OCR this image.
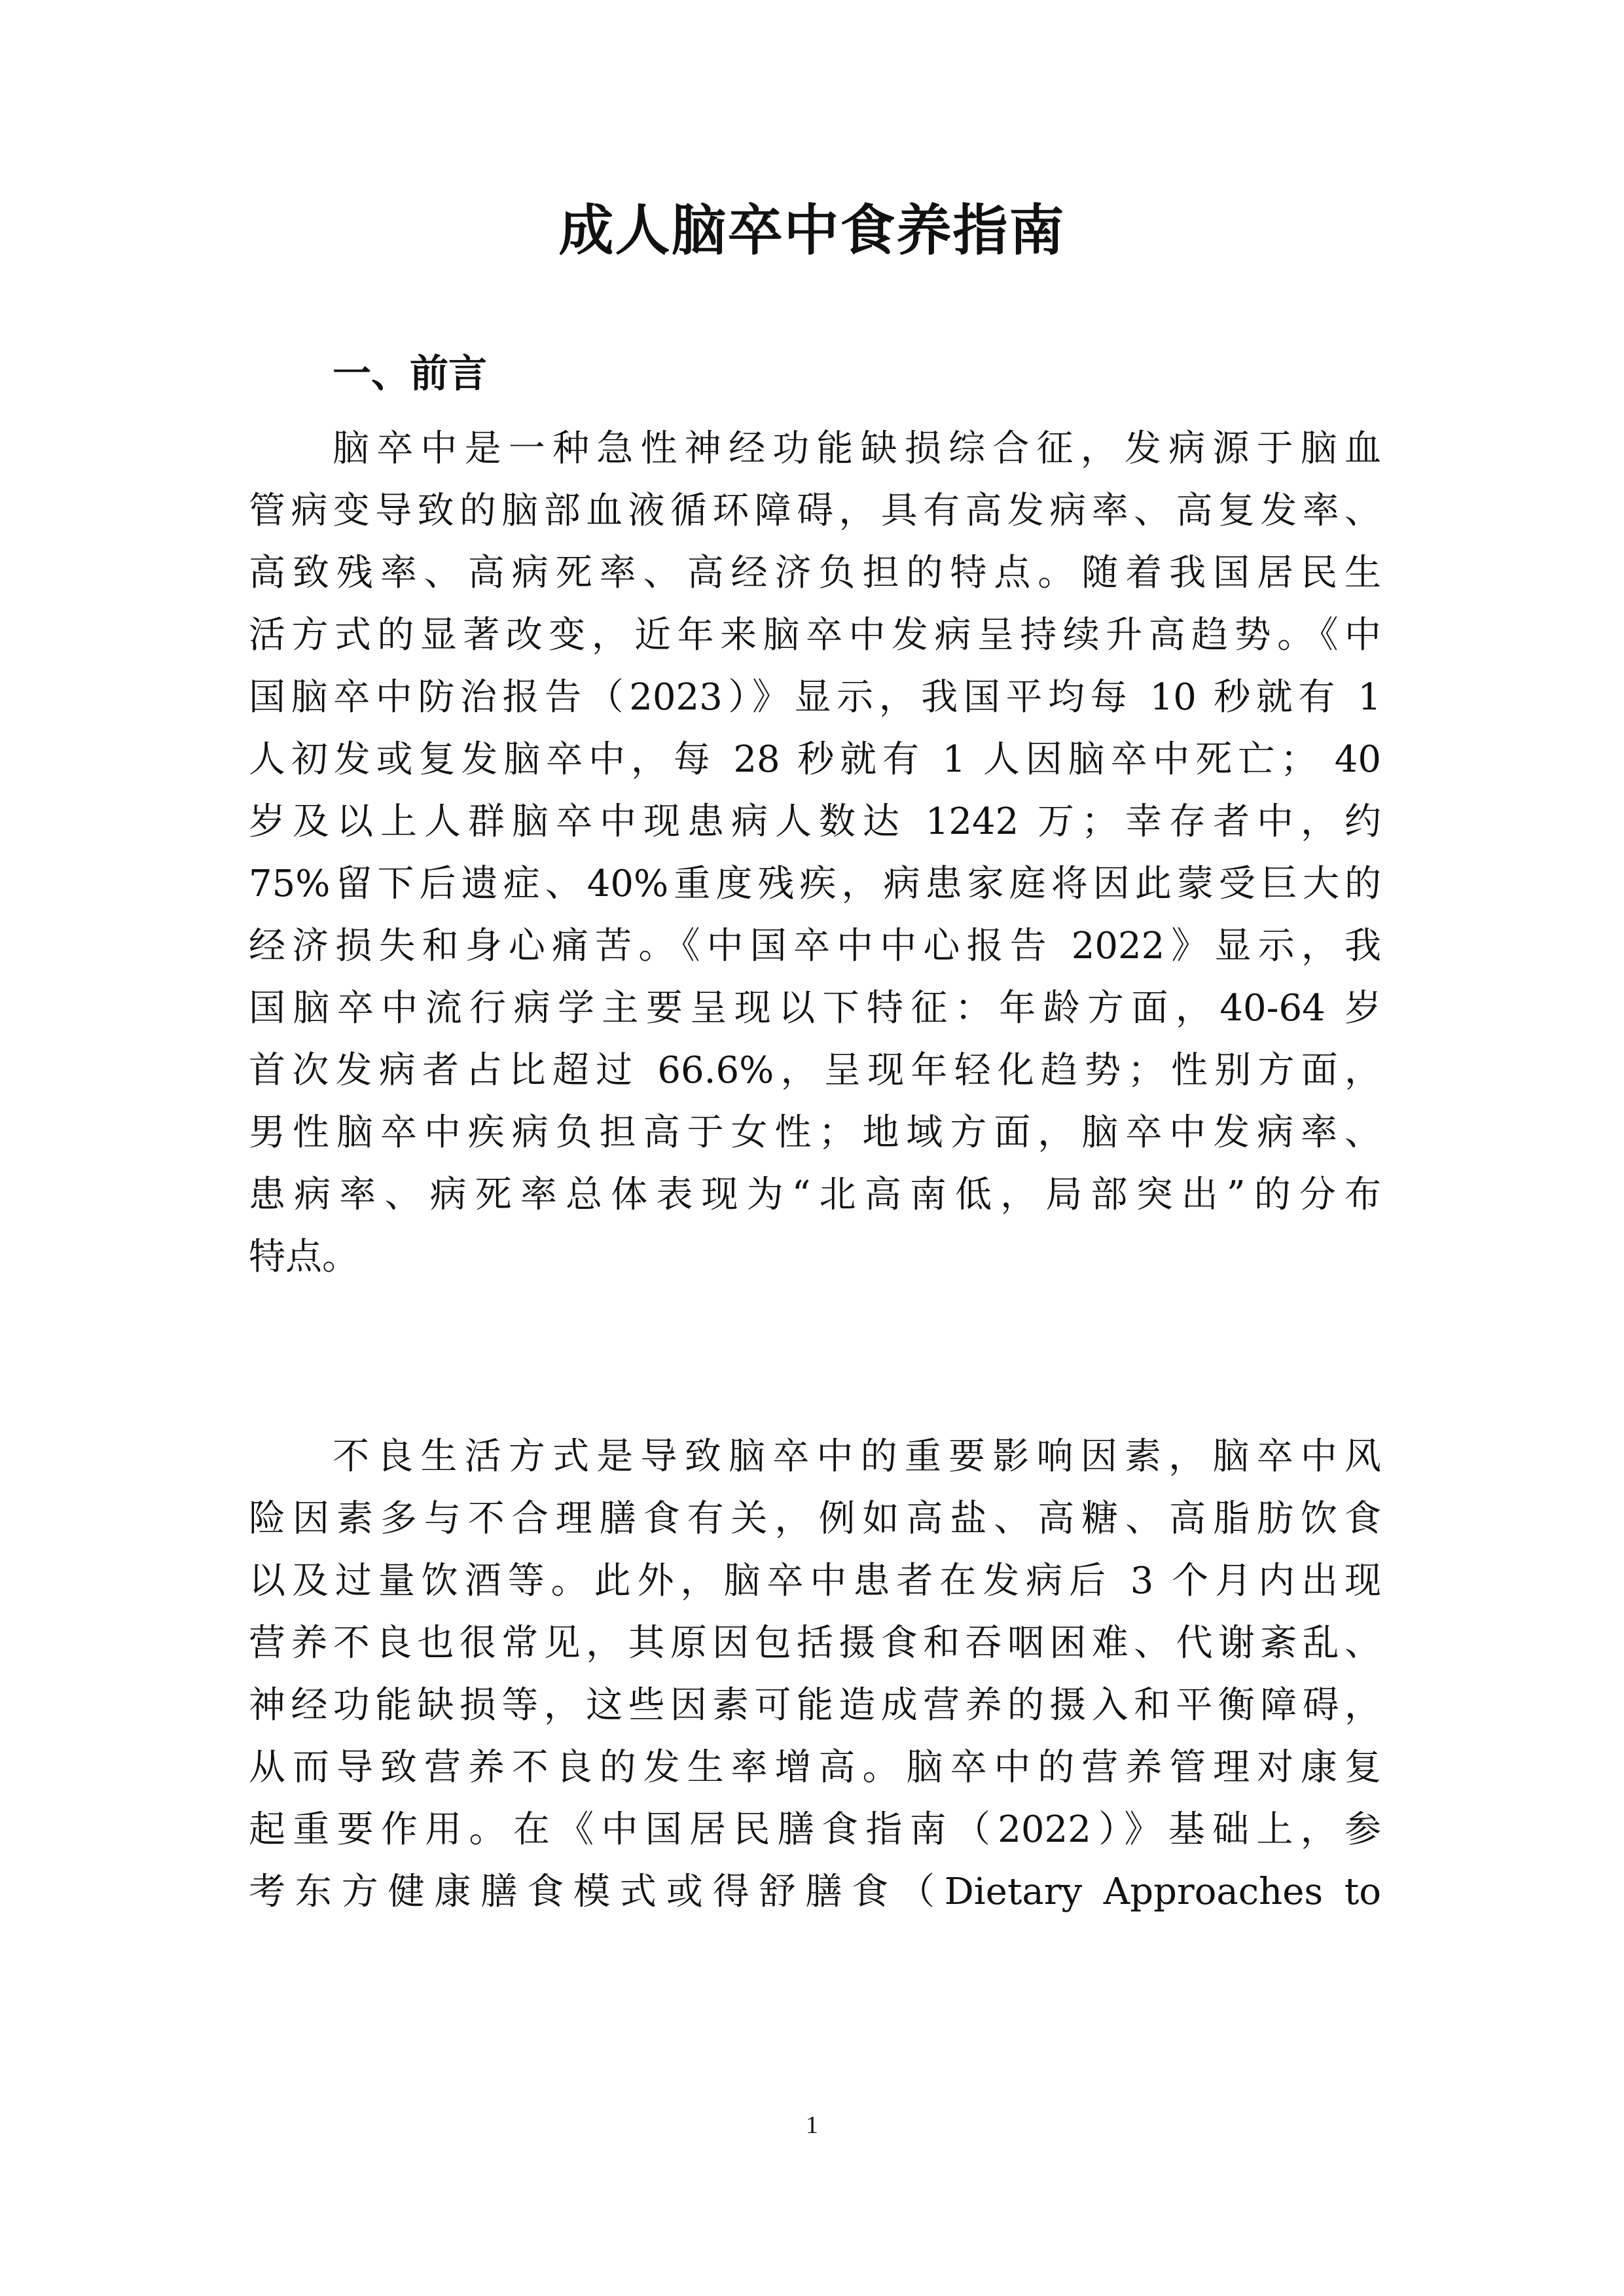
成人脑卒中食养指南
一、前言
脑卒中是一种急性神经功能缺损综合征，发病源于脑血
管病变导致的脑部血液循环障碍，具有高发病率、高复发率、
高致残率、高病死率、高经济负担的特点。随着我国居民生
活方式的显著改变，近年来脑卒中发病呈持续升高趋势。《中
国脑卒中防治报告（2023）》显示，我国平均每 10 秒就有 1
人初发或复发脑卒中，每 28 秒就有 1 人因脑卒中死亡； 40
岁及以上人群脑卒中现患病人数达 1242 万；幸存者中，约
75%留下后遗症、40%重度残疾，病患家庭将因此蒙受巨大的
经济损失和身心痛苦。《中国卒中中心报告 2022》显示，我
国脑卒中流行病学主要呈现以下特征：年龄方面，40-64 岁
首次发病者占比超过 66.6%，呈现年轻化趋势；性别方面，
男性脑卒中疾病负担高于女性；地域方面，脑卒中发病率、
患病率、病死率总体表现为“北高南低，局部突出”的分布
特点。
不良生活方式是导致脑卒中的重要影响因素，脑卒中风
险因素多与不合理膳食有关，例如高盐、高糖、高脂肪饮食
以及过量饮酒等。此外，脑卒中患者在发病后 3 个月内出现
营养不良也很常见，其原因包括摄食和吞咽困难、代谢紊乱、
神经功能缺损等，这些因素可能造成营养的摄入和平衡障碍，
从而导致营养不良的发生率增高。脑卒中的营养管理对康复
起重要作用。在《中国居民膳食指南（2022）》基础上，参
考东方健康膳食模式或得舒膳食（Dietary Approaches to
1
